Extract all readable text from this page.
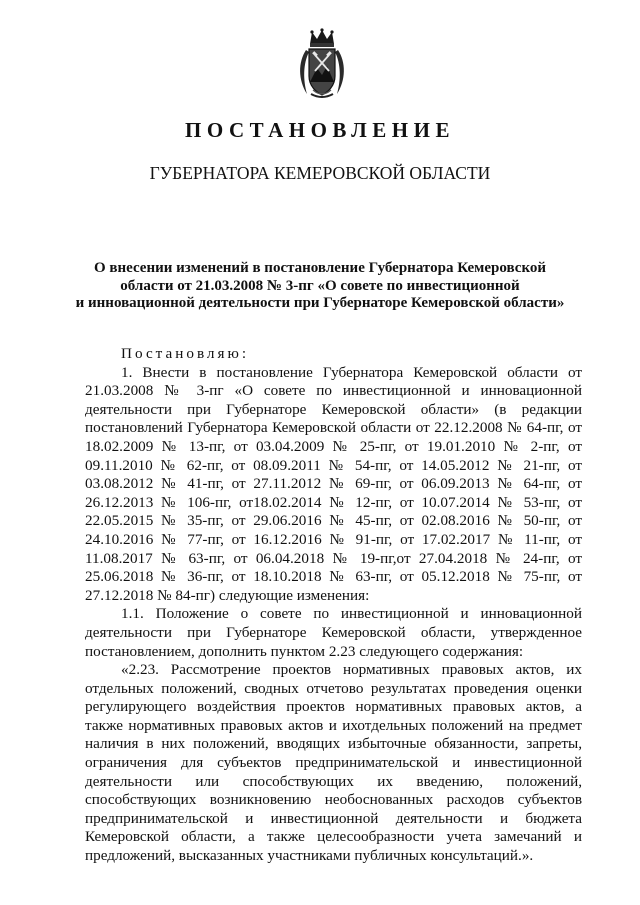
ПОСТАНОВЛЕНИЕ
ГУБЕРНАТОРА КЕМЕРОВСКОЙ ОБЛАСТИ
О внесении изменений в постановление Губернатора Кемеровской
области от 21.03.2008 № 3-пг «О совете по инвестиционной
и инновационной деятельности при Губернаторе Кемеровской области»

Постановляю:

1. Внести в постановление Губернатора Кемеровской области от 21.03.2008 № 3-пг «О совете по инвестиционной и инновационной деятельности при Губернаторе Кемеровской области» (в редакции постановлений Губернатора Кемеровской области от 22.12.2008 № 64-пг, от 18.02.2009 № 13-пг, от 03.04.2009 № 25-пг, от 19.01.2010 № 2-пг, от 09.11.2010 № 62-пг, от 08.09.2011 № 54-пг, от 14.05.2012 № 21-пг, от 03.08.2012 № 41-пг, от 27.11.2012 № 69-пг, от 06.09.2013 № 64-пг, от 26.12.2013 № 106-пг, от18.02.2014 № 12-пг, от 10.07.2014 № 53-пг, от 22.05.2015 № 35-пг, от 29.06.2016 № 45-пг, от 02.08.2016 № 50-пг, от 24.10.2016 № 77-пг, от 16.12.2016 № 91-пг, от 17.02.2017 № 11-пг, от 11.08.2017 № 63-пг, от 06.04.2018 № 19-пг,от 27.04.2018 № 24-пг, от 25.06.2018 № 36-пг, от 18.10.2018 № 63-пг, от 05.12.2018 № 75-пг, от 27.12.2018 № 84-пг) следующие изменения:

1.1. Положение о совете по инвестиционной и инновационной деятельности при Губернаторе Кемеровской области, утвержденное постановлением, дополнить пунктом 2.23 следующего содержания:

«2.23. Рассмотрение проектов нормативных правовых актов, их отдельных положений, сводных отчетово результатах проведения оценки регулирующего воздействия проектов нормативных правовых актов, а также нормативных правовых актов и ихотдельных положений на предмет наличия в них положений, вводящих избыточные обязанности, запреты, ограничения для субъектов предпринимательской и инвестиционной деятельности или способствующих их введению, положений, способствующих возникновению необоснованных расходов субъектов предпринимательской и инвестиционной деятельности и бюджета Кемеровской области, а также целесообразности учета замечаний и предложений, высказанных участниками публичных консультаций.».
